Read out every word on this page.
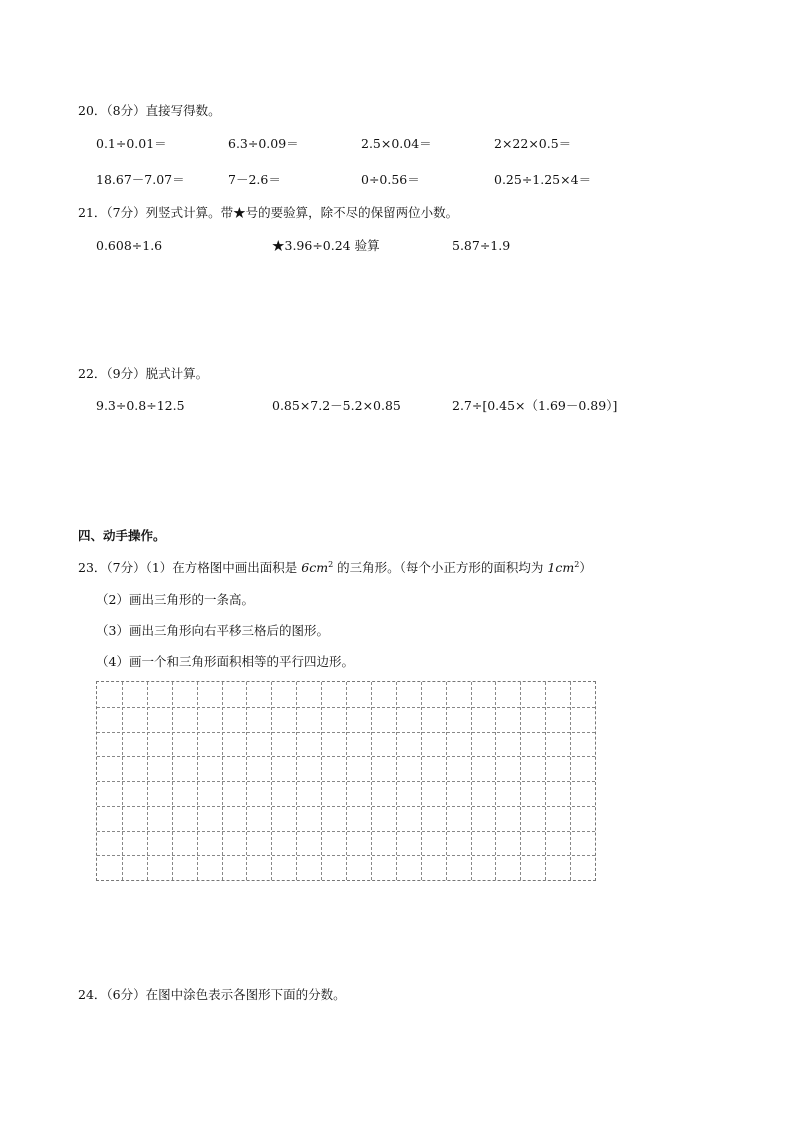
20．（8分）直接写得数。
0.1÷0.01＝	6.3÷0.09＝	2.5×0.04＝	2×22×0.5＝
18.67－7.07＝	7－2.6＝	0÷0.56＝	0.25÷1.25×4＝
21．（7分）列竖式计算。带★号的要验算，除不尽的保留两位小数。
0.608÷1.6	★3.96÷0.24 验算	5.87÷1.9
22．（9分）脱式计算。
9.3÷0.8÷12.5	0.85×7.2－5.2×0.85	2.7÷[0.45×（1.69－0.89）]
四、动手操作。
23．（7分）（1）在方格图中画出面积是 $6cm^2$ 的三角形。（每个小正方形的面积均为 $1cm^2$）
（2）画出三角形的一条高。
（3）画出三角形向右平移三格后的图形。
（4）画一个和三角形面积相等的平行四边形。
24．（6分）在图中涂色表示各图形下面的分数。
